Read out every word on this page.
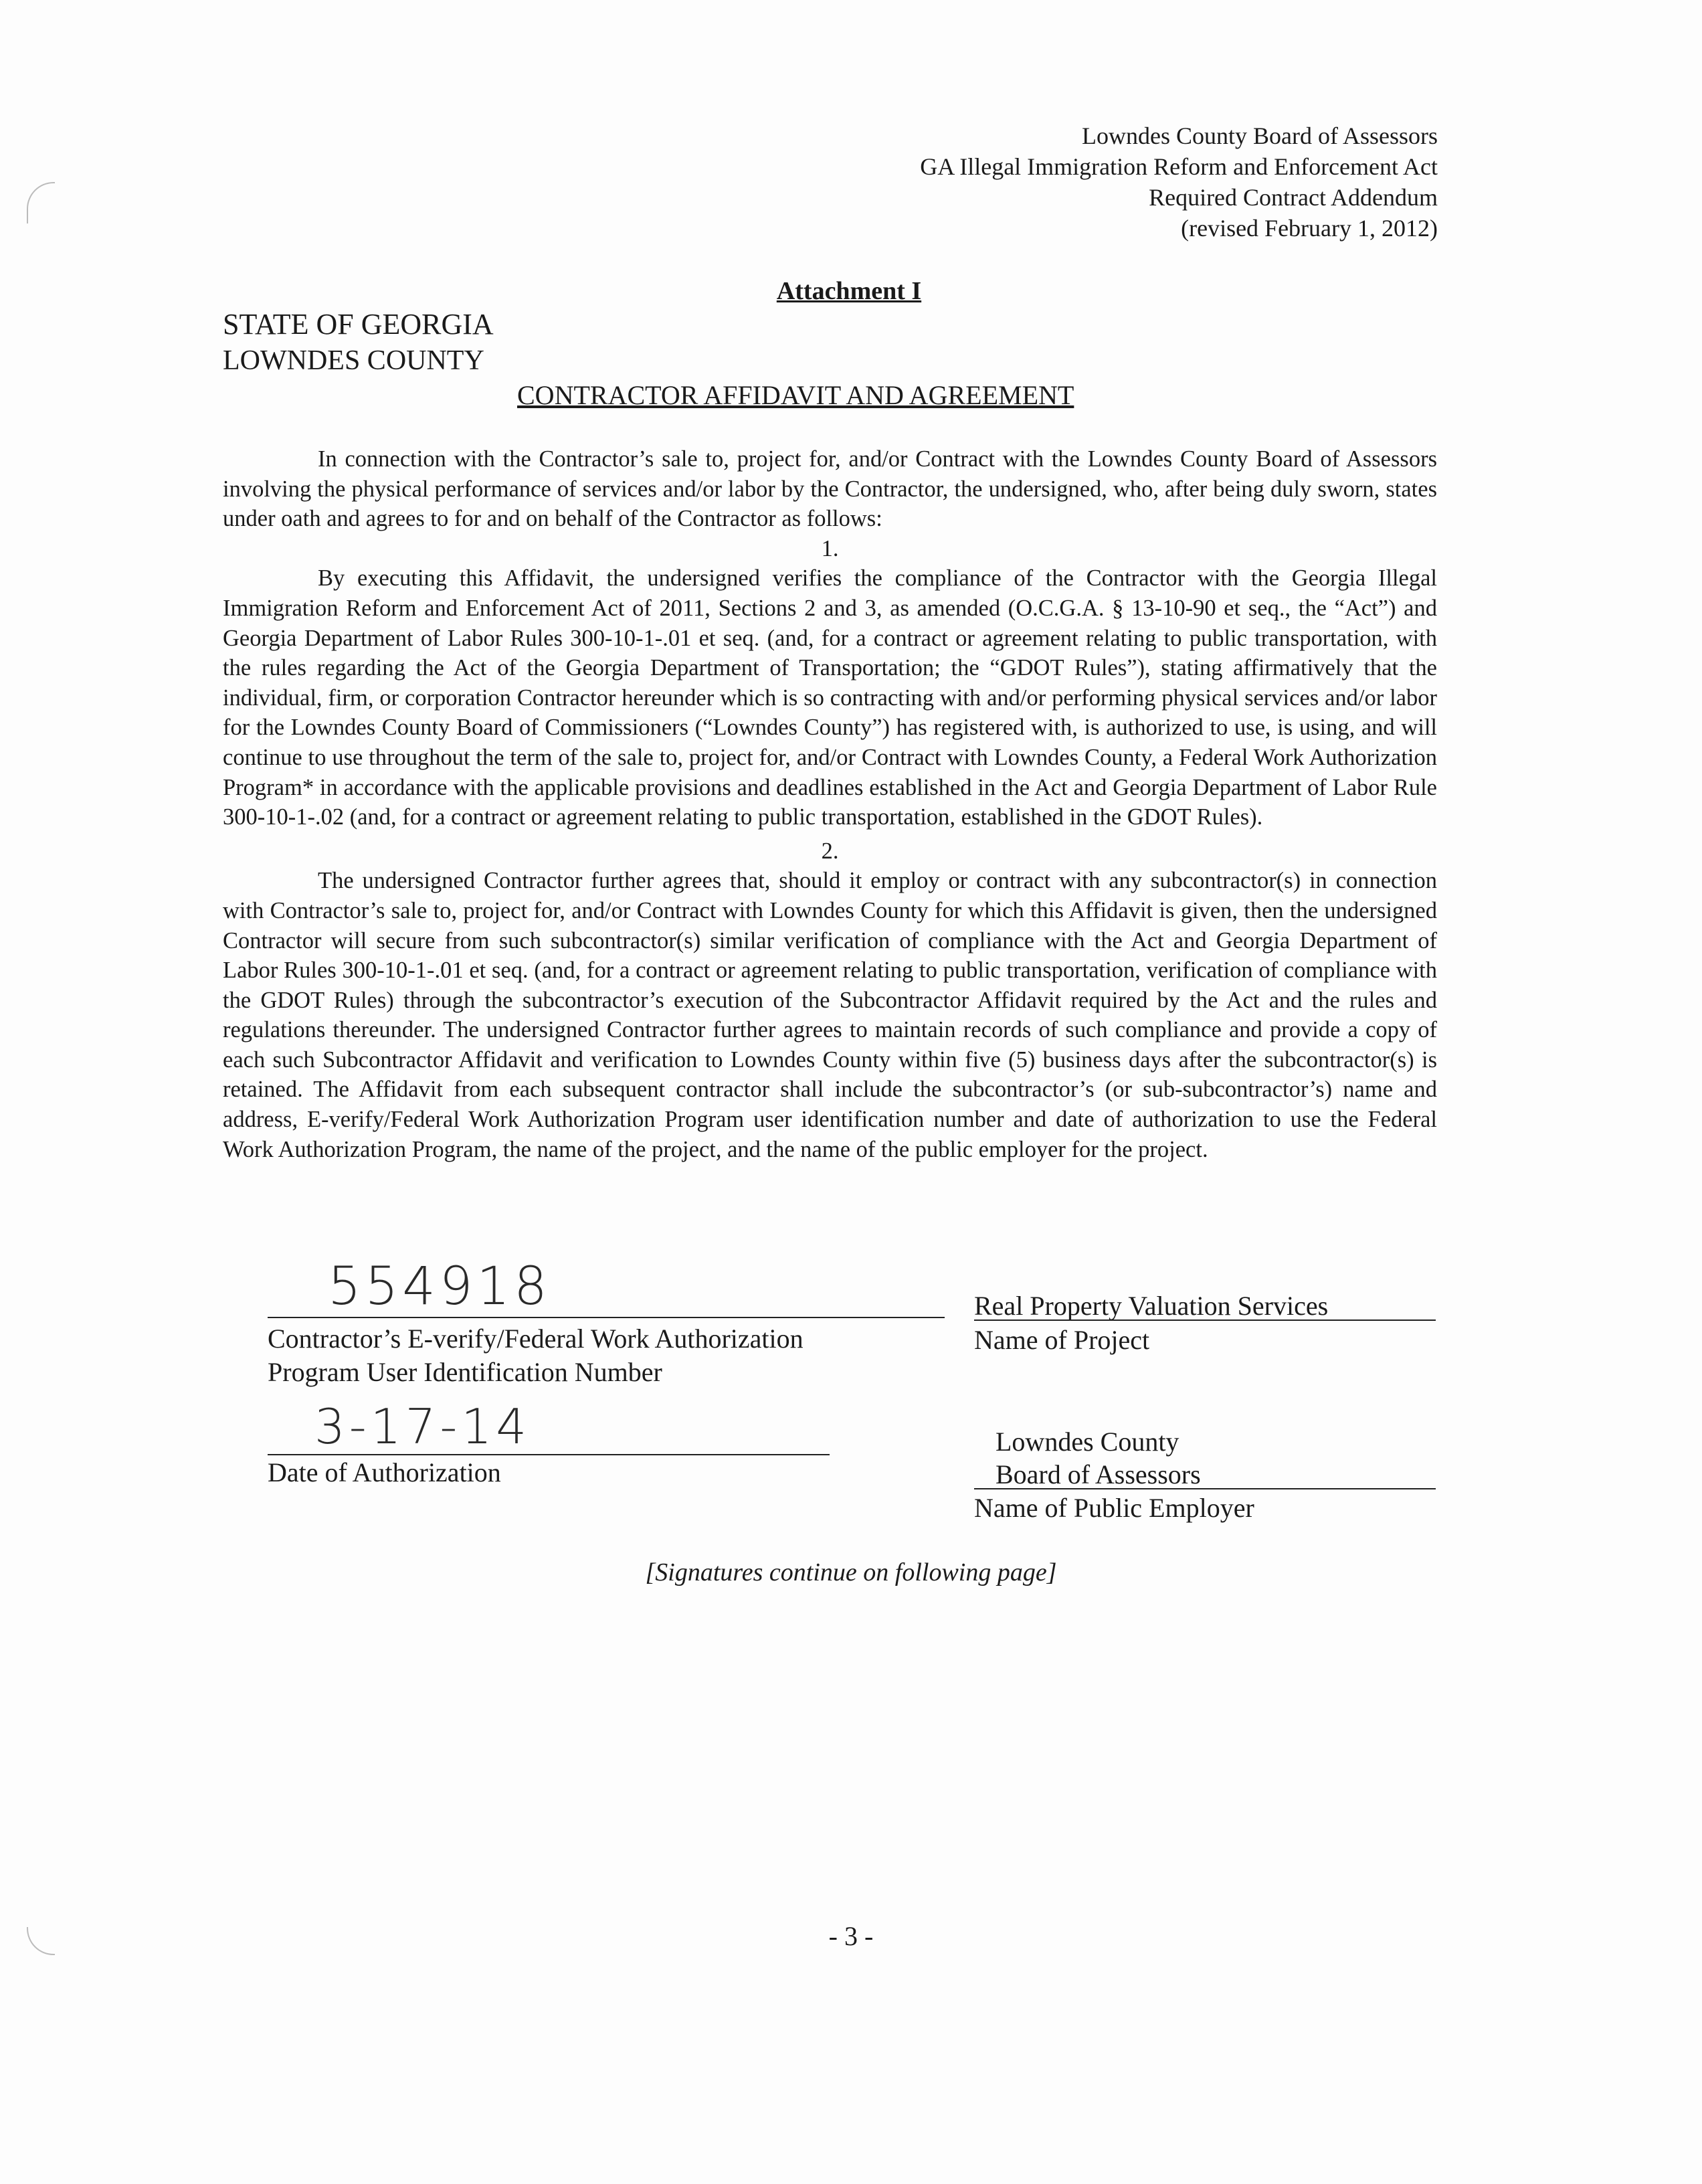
Lowndes County Board of Assessors
GA Illegal Immigration Reform and Enforcement Act
Required Contract Addendum
(revised February 1, 2012)
Attachment I
STATE OF GEORGIA
LOWNDES COUNTY
CONTRACTOR AFFIDAVIT AND AGREEMENT

In connection with the Contractor’s sale to, project for, and/or Contract with the Lowndes County Board of Assessors involving the physical performance of services and/or labor by the Contractor, the undersigned, who, after being duly sworn, states under oath and agrees to for and on behalf of the Contractor as follows:

1.

By executing this Affidavit, the undersigned verifies the compliance of the Contractor with the Georgia Illegal Immigration Reform and Enforcement Act of 2011, Sections 2 and 3, as amended (O.C.G.A. § 13-10-90 et seq., the “Act”) and Georgia Department of Labor Rules 300-10-1-.01 et seq. (and, for a contract or agreement relating to public transportation, with the rules regarding the Act of the Georgia Department of Transportation; the “GDOT Rules”), stating affirmatively that the individual, firm, or corporation Contractor hereunder which is so contracting with and/or performing physical services and/or labor for the Lowndes County Board of Commissioners (“Lowndes County”) has registered with, is authorized to use, is using, and will continue to use throughout the term of the sale to, project for, and/or Contract with Lowndes County, a Federal Work Authorization Program* in accordance with the applicable provisions and deadlines established in the Act and Georgia Department of Labor Rule 300-10-1-.02 (and, for a contract or agreement relating to public transportation, established in the GDOT Rules).

2.

The undersigned Contractor further agrees that, should it employ or contract with any subcontractor(s) in connection with Contractor’s sale to, project for, and/or Contract with Lowndes County for which this Affidavit is given, then the undersigned Contractor will secure from such subcontractor(s) similar verification of compliance with the Act and Georgia Department of Labor Rules 300-10-1-.01 et seq. (and, for a contract or agreement relating to public transportation, verification of compliance with the GDOT Rules) through the subcontractor’s execution of the Subcontractor Affidavit required by the Act and the rules and regulations thereunder. The undersigned Contractor further agrees to maintain records of such compliance and provide a copy of each such Subcontractor Affidavit and verification to Lowndes County within five (5) business days after the subcontractor(s) is retained. The Affidavit from each subsequent contractor shall include the subcontractor’s (or sub-subcontractor’s) name and address, E-verify/Federal Work Authorization Program user identification number and date of authorization to use the Federal Work Authorization Program, the name of the project, and the name of the public employer for the project.

554918
Contractor’s E-verify/Federal Work Authorization
Program User Identification Number
Real Property Valuation Services
Name of Project
3-17-14
Date of Authorization
Lowndes County
Board of Assessors
Name of Public Employer
[Signatures continue on following page]
- 3 -
